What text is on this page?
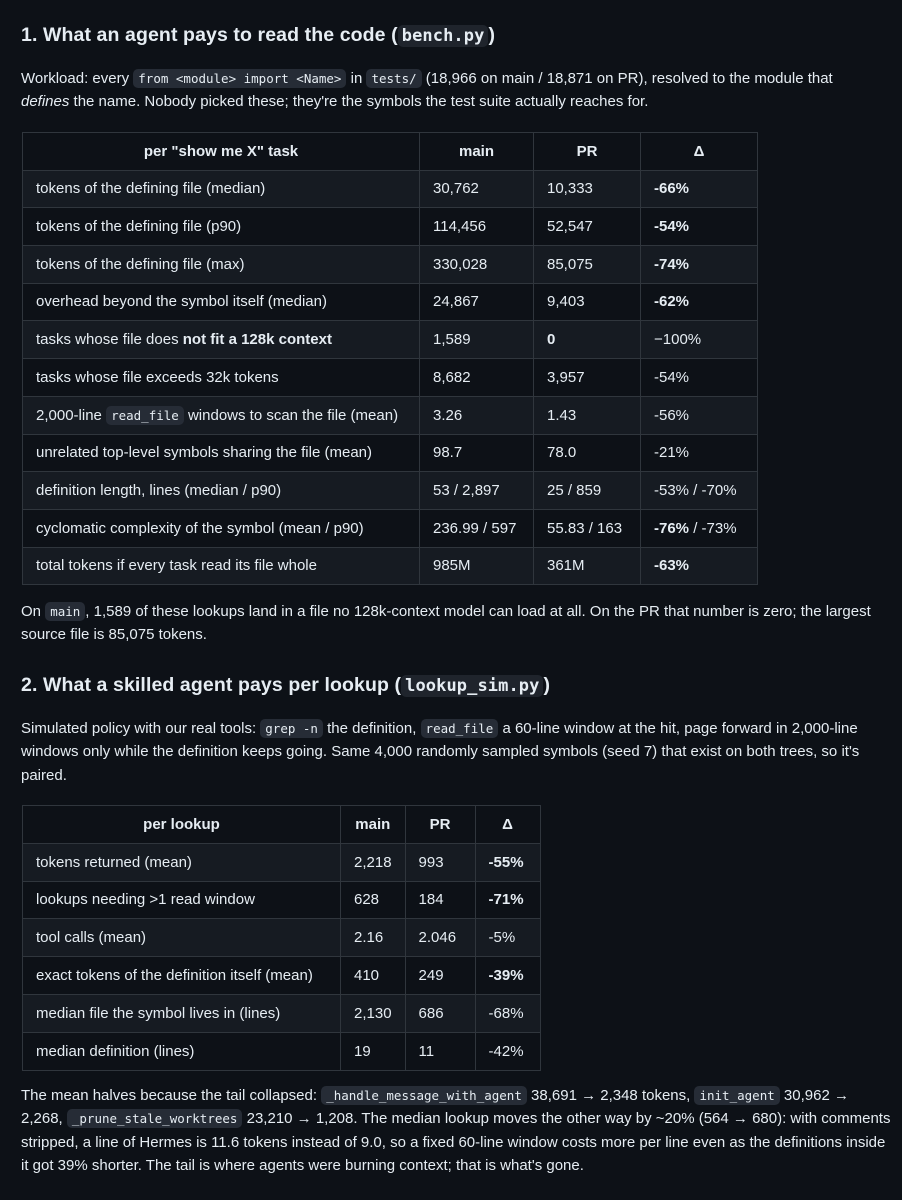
1. What an agent pays to read the code ( bench.py )

Workload: every from <module> import <Name> in tests/ (18,966 on main / 18,871 on PR), resolved to the module that
defines the name. Nobody picked these; they're the symbols the test suite actually reaches for.

per "show me X" task	main	PR	Δ
tokens of the defining file (median)	30,762	10,333	-66%
tokens of the defining file (p90)	114,456	52,547	-54%
tokens of the defining file (max)	330,028	85,075	-74%
overhead beyond the symbol itself (median)	24,867	9,403	-62%
tasks whose file does not fit a 128k context	1,589	0	−100%
tasks whose file exceeds 32k tokens	8,682	3,957	-54%
2,000-line read_file windows to scan the file (mean)	3.26	1.43	-56%
unrelated top-level symbols sharing the file (mean)	98.7	78.0	-21%
definition length, lines (median / p90)	53 / 2,897	25 / 859	-53% / -70%
cyclomatic complexity of the symbol (mean / p90)	236.99 / 597	55.83 / 163	-76% / -73%
total tokens if every task read its file whole	985M	361M	-63%

On main , 1,589 of these lookups land in a file no 128k-context model can load at all. On the PR that number is zero; the largest source file is 85,075 tokens.

2. What a skilled agent pays per lookup ( lookup_sim.py )

Simulated policy with our real tools: grep -n the definition, read_file a 60-line window at the hit, page forward in 2,000-line windows only while the definition keeps going. Same 4,000 randomly sampled symbols (seed 7) that exist on both trees, so it's paired.

per lookup	main	PR	Δ
tokens returned (mean)	2,218	993	-55%
lookups needing >1 read window	628	184	-71%
tool calls (mean)	2.16	2.046	-5%
exact tokens of the definition itself (mean)	410	249	-39%
median file the symbol lives in (lines)	2,130	686	-68%
median definition (lines)	19	11	-42%

The mean halves because the tail collapsed: _handle_message_with_agent 38,691 → 2,348 tokens, init_agent 30,962 → 2,268, _prune_stale_worktrees 23,210 → 1,208. The median lookup moves the other way by ~20% (564 → 680): with comments stripped, a line of Hermes is 11.6 tokens instead of 9.0, so a fixed 60-line window costs more per line even as the definitions inside it got 39% shorter. The tail is where agents were burning context; that is what's gone.
